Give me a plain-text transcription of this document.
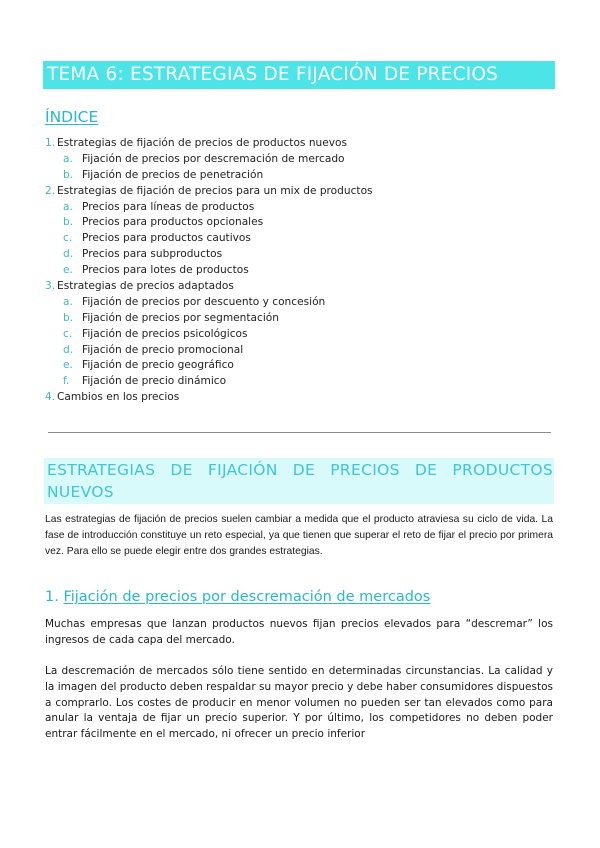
TEMA 6: ESTRATEGIAS DE FIJACIÓN DE PRECIOS
ÍNDICE
1. Estrategias de fijación de precios de productos nuevos
a. Fijación de precios por descremación de mercado
b. Fijación de precios de penetración
2. Estrategias de fijación de precios para un mix de productos
a. Precios para líneas de productos
b. Precios para productos opcionales
c. Precios para productos cautivos
d. Precios para subproductos
e. Precios para lotes de productos
3. Estrategias de precios adaptados
a. Fijación de precios por descuento y concesión
b. Fijación de precios por segmentación
c. Fijación de precios psicológicos
d. Fijación de precio promocional
e. Fijación de precio geográfico
f. Fijación de precio dinámico
4. Cambios en los precios
ESTRATEGIAS DE FIJACIÓN DE PRECIOS DE PRODUCTOS NUEVOS
Las estrategias de fijación de precios suelen cambiar a medida que el producto atraviesa su ciclo de vida. La fase de introducción constituye un reto especial, ya que tienen que superar el reto de fijar el precio por primera vez. Para ello se puede elegir entre dos grandes estrategias.
1. Fijación de precios por descremación de mercados
Muchas empresas que lanzan productos nuevos fijan precios elevados para “descremar” los ingresos de cada capa del mercado.
La descremación de mercados sólo tiene sentido en determinadas circunstancias. La calidad y la imagen del producto deben respaldar su mayor precio y debe haber consumidores dispuestos a comprarlo. Los costes de producir en menor volumen no pueden ser tan elevados como para anular la ventaja de fijar un precio superior. Y por último, los competidores no deben poder entrar fácilmente en el mercado, ni ofrecer un precio inferior
